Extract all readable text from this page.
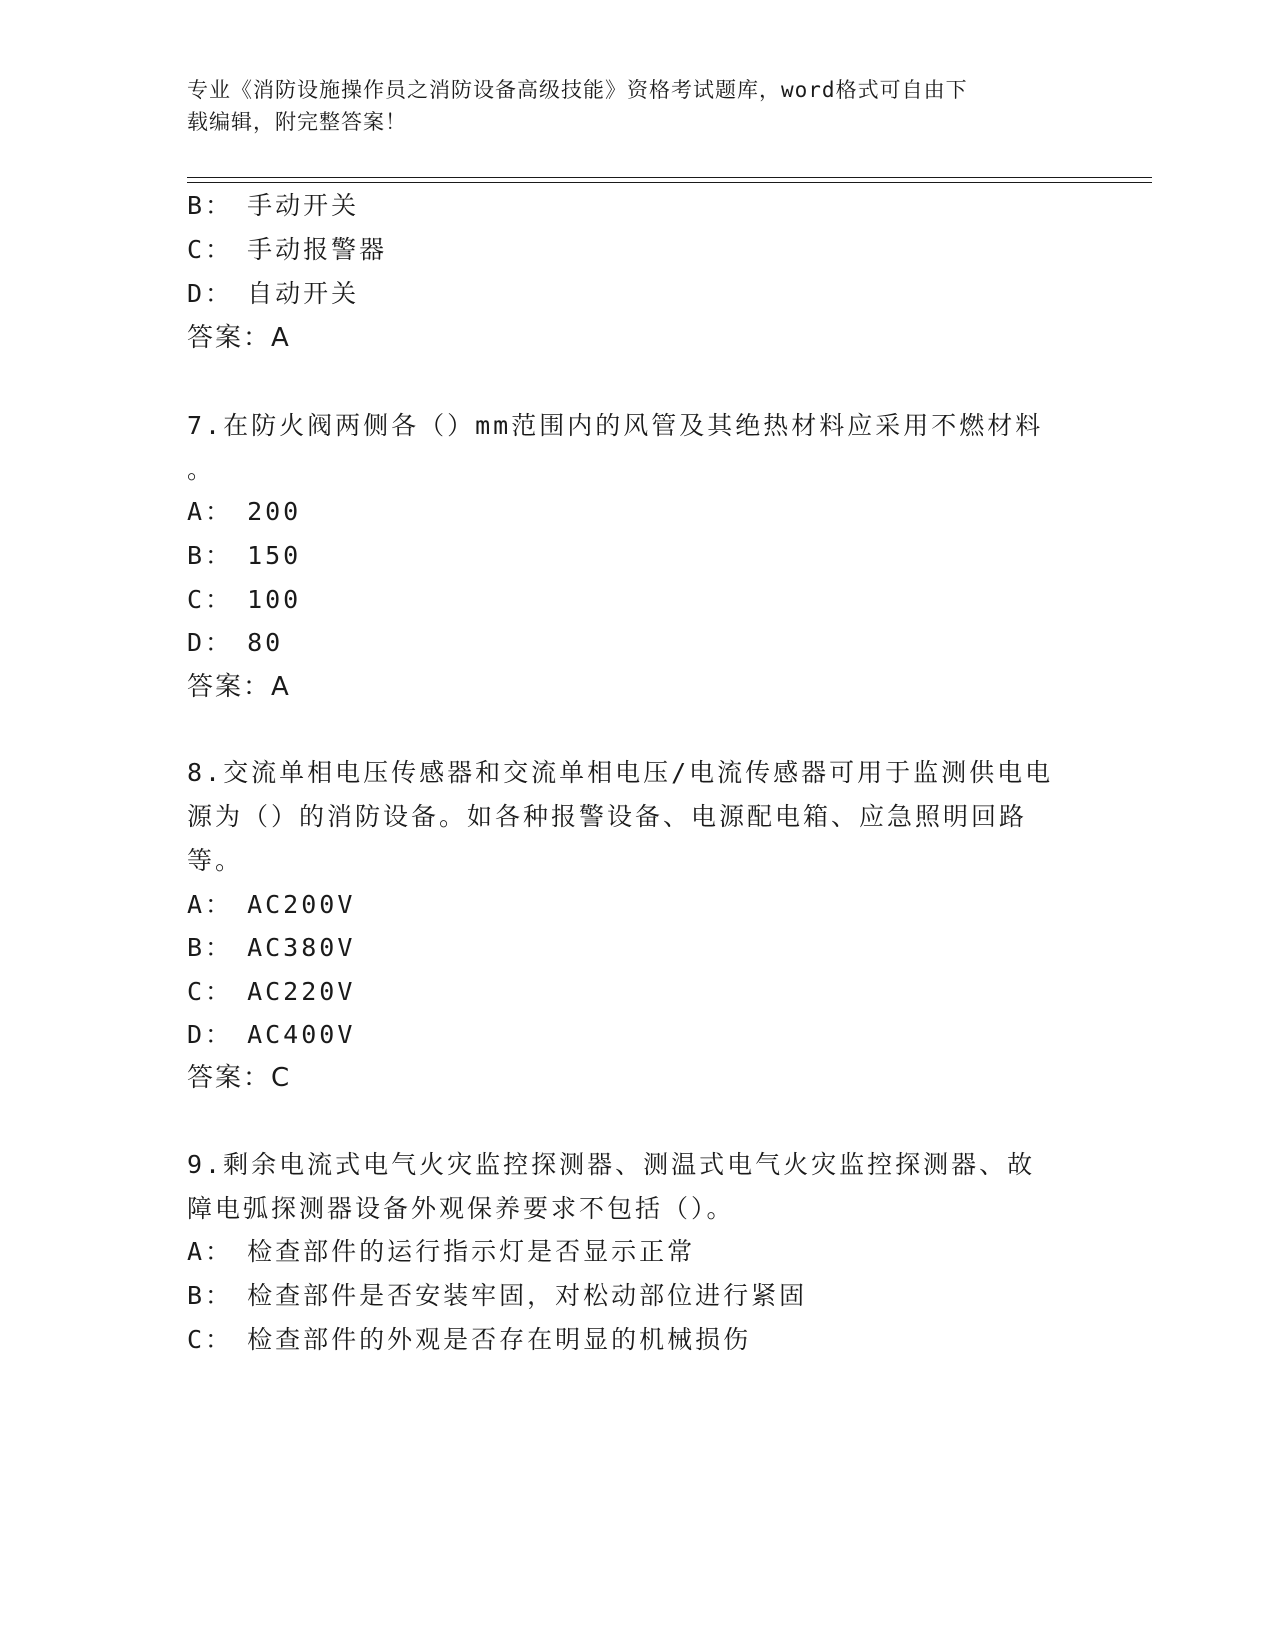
专业《消防设施操作员之消防设备高级技能》资格考试题库，word格式可自由下
载编辑，附完整答案！
B： 手动开关
C： 手动报警器
D： 自动开关
答案：A
7.在防火阀两侧各（）mm范围内的风管及其绝热材料应采用不燃材料
。
A： 200
B： 150
C： 100
D： 80
答案：A
8.交流单相电压传感器和交流单相电压/电流传感器可用于监测供电电
源为（）的消防设备。如各种报警设备、电源配电箱、应急照明回路
等。
A： AC200V
B： AC380V
C： AC220V
D： AC400V
答案：C
9.剩余电流式电气火灾监控探测器、测温式电气火灾监控探测器、故
障电弧探测器设备外观保养要求不包括（）。
A： 检查部件的运行指示灯是否显示正常
B： 检查部件是否安装牢固，对松动部位进行紧固
C： 检查部件的外观是否存在明显的机械损伤
